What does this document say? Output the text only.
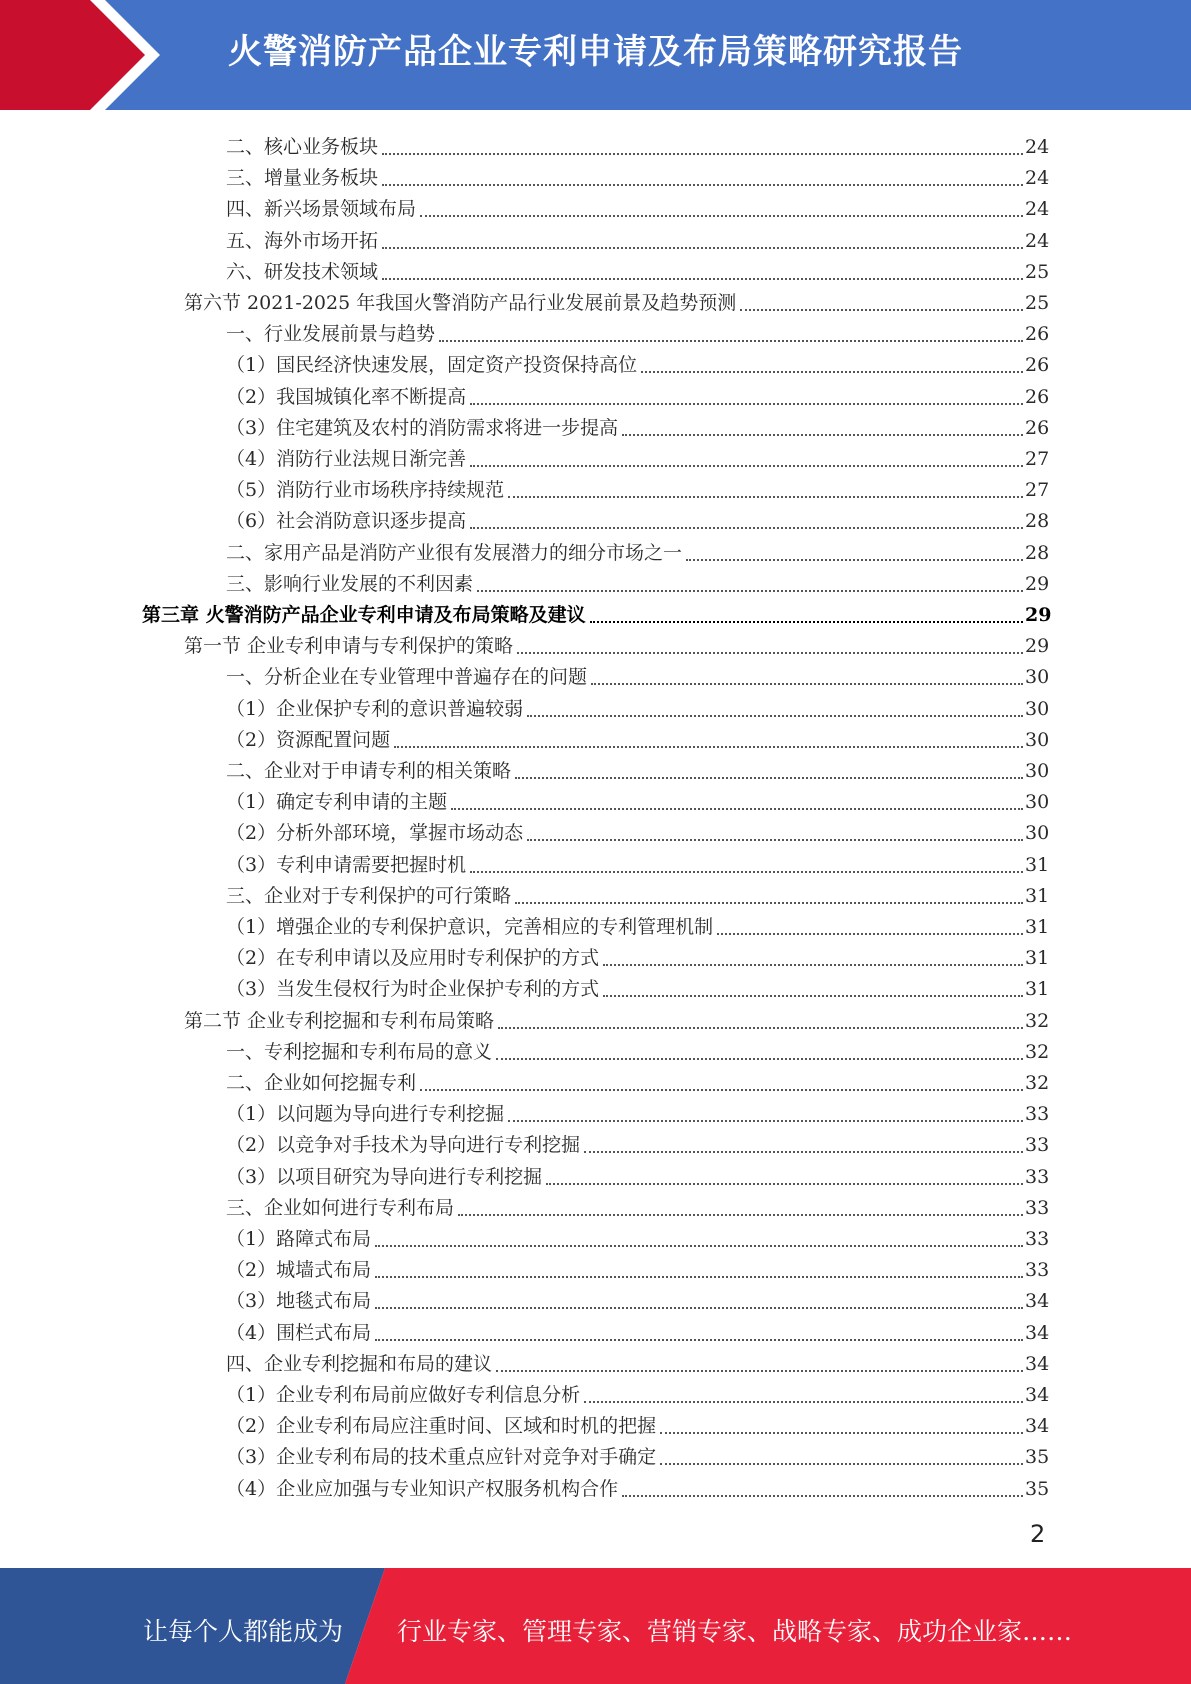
火警消防产品企业专利申请及布局策略研究报告
二、核心业务板块	24
三、增量业务板块	24
四、新兴场景领域布局	24
五、海外市场开拓	24
六、研发技术领域	25
第六节 2021-2025 年我国火警消防产品行业发展前景及趋势预测	25
一、行业发展前景与趋势	26
（1）国民经济快速发展，固定资产投资保持高位	26
（2）我国城镇化率不断提高	26
（3）住宅建筑及农村的消防需求将进一步提高	26
（4）消防行业法规日渐完善	27
（5）消防行业市场秩序持续规范	27
（6）社会消防意识逐步提高	28
二、家用产品是消防产业很有发展潜力的细分市场之一	28
三、影响行业发展的不利因素	29
第三章 火警消防产品企业专利申请及布局策略及建议	29
第一节 企业专利申请与专利保护的策略	29
一、分析企业在专业管理中普遍存在的问题	30
（1）企业保护专利的意识普遍较弱	30
（2）资源配置问题	30
二、企业对于申请专利的相关策略	30
（1）确定专利申请的主题	30
（2）分析外部环境，掌握市场动态	30
（3）专利申请需要把握时机	31
三、企业对于专利保护的可行策略	31
（1）增强企业的专利保护意识，完善相应的专利管理机制	31
（2）在专利申请以及应用时专利保护的方式	31
（3）当发生侵权行为时企业保护专利的方式	31
第二节 企业专利挖掘和专利布局策略	32
一、专利挖掘和专利布局的意义	32
二、企业如何挖掘专利	32
（1）以问题为导向进行专利挖掘	33
（2）以竞争对手技术为导向进行专利挖掘	33
（3）以项目研究为导向进行专利挖掘	33
三、企业如何进行专利布局	33
（1）路障式布局	33
（2）城墙式布局	33
（3）地毯式布局	34
（4）围栏式布局	34
四、企业专利挖掘和布局的建议	34
（1）企业专利布局前应做好专利信息分析	34
（2）企业专利布局应注重时间、区域和时机的把握	34
（3）企业专利布局的技术重点应针对竞争对手确定	35
（4）企业应加强与专业知识产权服务机构合作	35
2
让每个人都能成为 行业专家、管理专家、营销专家、战略专家、成功企业家……
